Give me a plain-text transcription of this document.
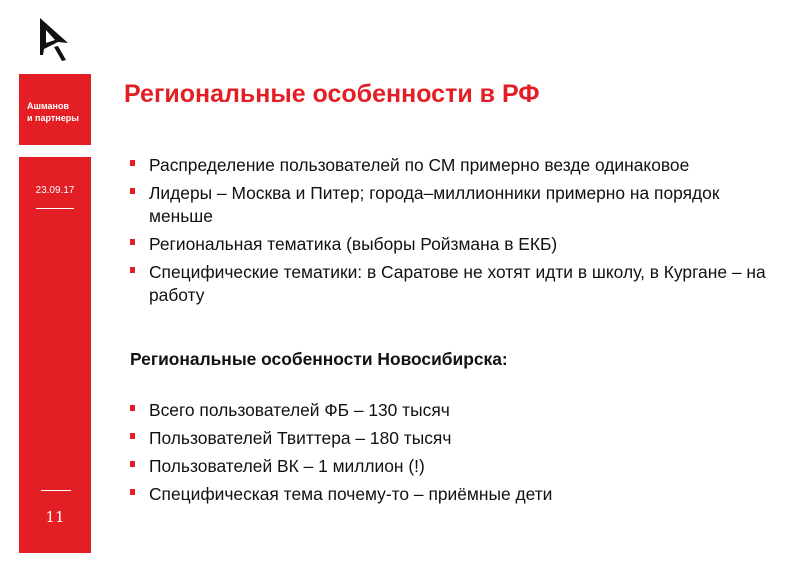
Ашманов
и партнеры
23.09.17
11
Региональные особенности в РФ
Распределение пользователей по СМ примерно везде одинаковое
Лидеры – Москва и Питер; города–миллионники примерно на порядок меньше
Региональная тематика (выборы Ройзмана в ЕКБ)
Специфические тематики: в Саратове не хотят идти в школу, в Кургане – на работу
Региональные особенности Новосибирска:
Всего пользователей ФБ – 130 тысяч
Пользователей Твиттера – 180 тысяч
Пользователей ВК – 1 миллион (!)
Специфическая тема почему-то – приёмные дети
